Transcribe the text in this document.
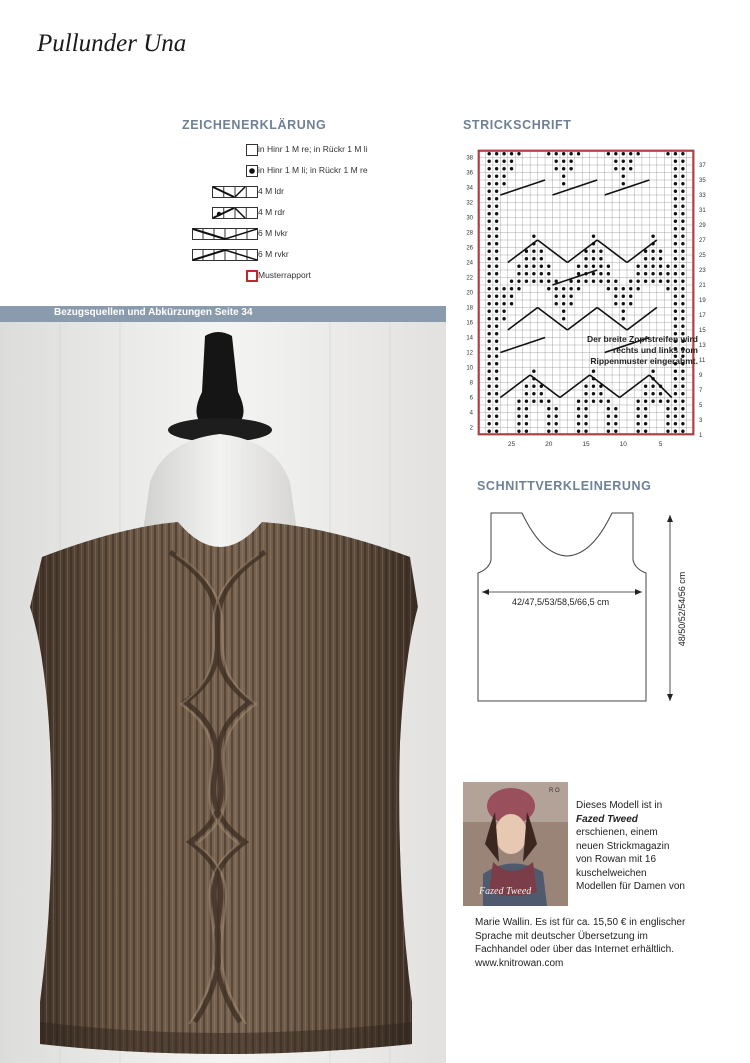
Pullunder Una
ZEICHENERKLÄRUNG	STRICKSCHRIFT
SCHNITTVERKLEINERUNG
in Hinr 1 M re; in Rückr 1 M li
in Hinr 1 M li; in Rückr 1 M re
4 M ldr
4 M rdr
6 M lvkr
6 M rvkr
Musterrapport
38
36
34
32
30
28
26
24
22
20
18
16
14
12
10
8
6
4
2
37
35
33
31
29
27
25
23
21
19
17
15
13
11
9
7
5
3
1
25	20	15	10	5
Bezugsquellen und Abkürzungen Seite 34
Der breite Zopfstreifen wird rechts und links vom Rippenmuster eingerahmt.
42/47,5/53/58,5/66,5 cm	48/50/52/54/56 cm
Fazed Tweed
R O
Dieses Modell ist in Fazed Tweed erschienen, einem neuen Strickmagazin von Rowan mit 16 kuschelweichen Modellen für Damen von
Marie Wallin. Es ist für ca. 15,50 € in englischer Sprache mit deutscher Übersetzung im Fachhandel oder über das Internet erhältlich. www.knitrowan.com
